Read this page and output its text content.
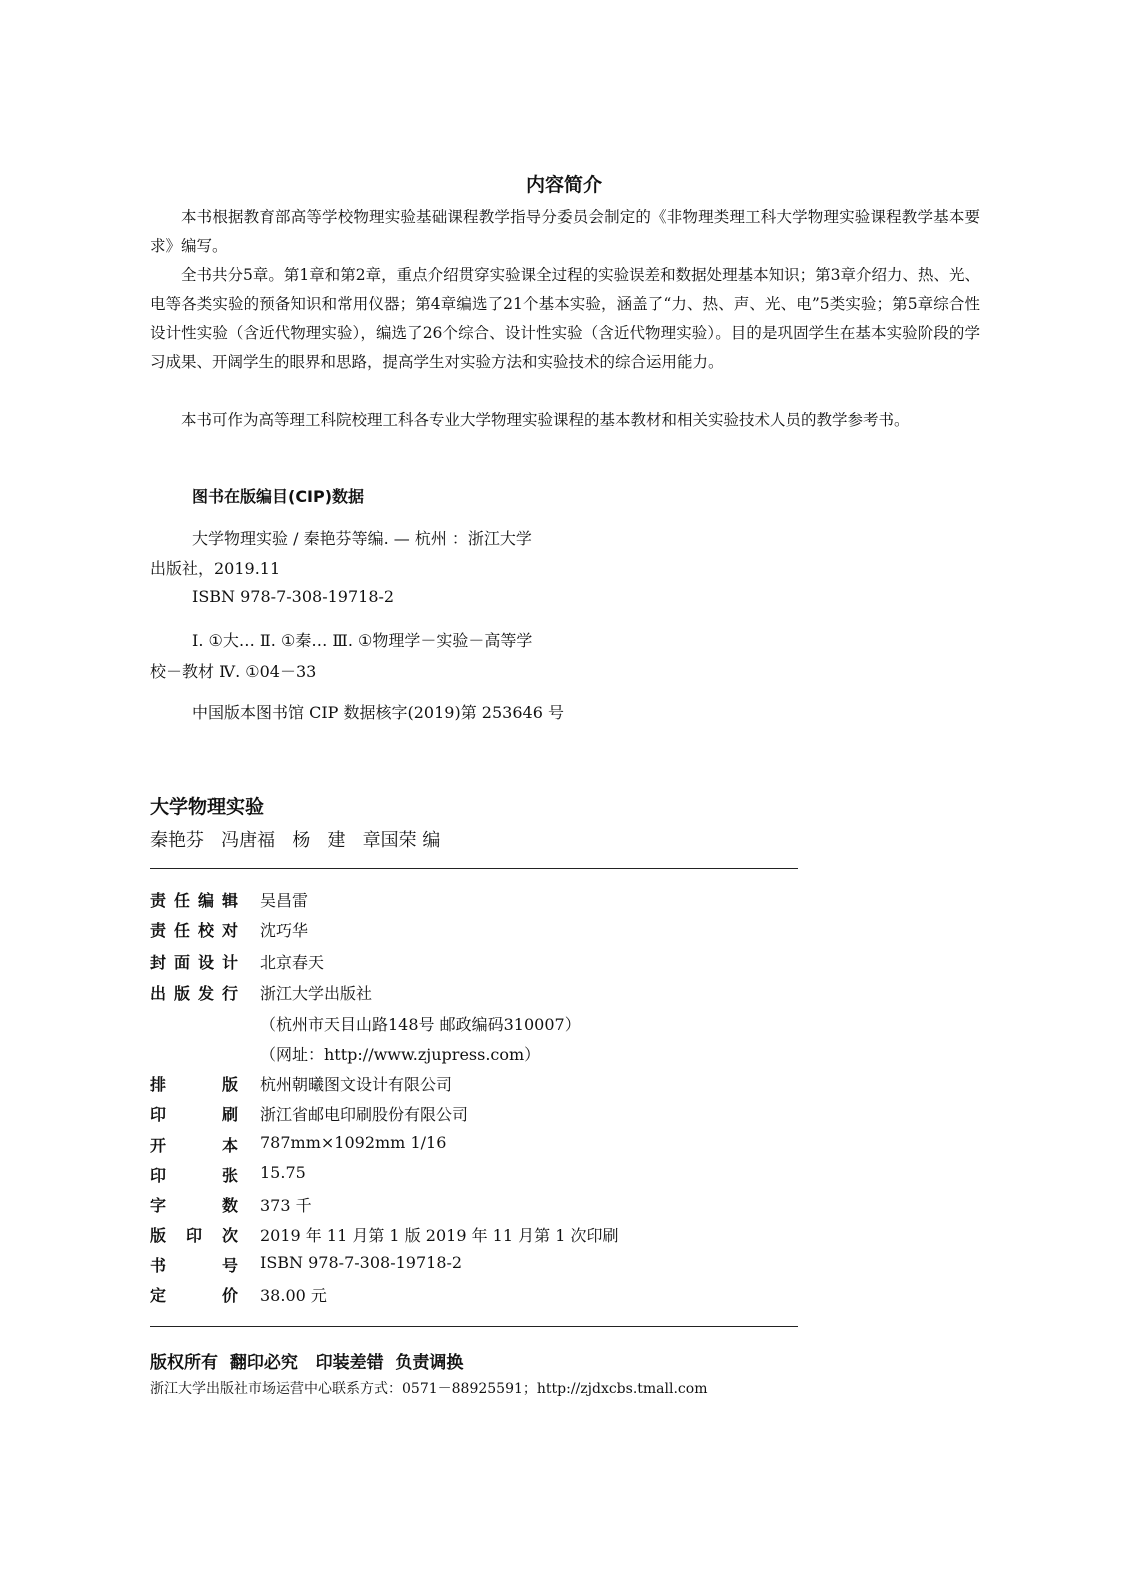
内容简介

本书根据教育部高等学校物理实验基础课程教学指导分委员会制定的《非物理类理工科大学物理实验课程教学基本要求》编写。

全书共分5章。第1章和第2章，重点介绍贯穿实验课全过程的实验误差和数据处理基本知识；第3章介绍力、热、光、电等各类实验的预备知识和常用仪器；第4章编选了21个基本实验，涵盖了“力、热、声、光、电”5类实验；第5章综合性设计性实验（含近代物理实验），编选了26个综合、设计性实验（含近代物理实验）。目的是巩固学生在基本实验阶段的学习成果、开阔学生的眼界和思路，提高学生对实验方法和实验技术的综合运用能力。

本书可作为高等理工科院校理工科各专业大学物理实验课程的基本教材和相关实验技术人员的教学参考书。

图书在版编目(CIP)数据
大学物理实验 / 秦艳芬等编. — 杭州 ：浙江大学
出版社，2019.11
ISBN 978-7-308-19718-2
Ⅰ. ①大… Ⅱ. ①秦… Ⅲ. ①物理学－实验－高等学
校－教材 Ⅳ. ①04－33
中国版本图书馆 CIP 数据核字(2019)第 253646 号
大学物理实验
秦艳芬   冯唐福   杨   建   章国荣 编
责 任 编 辑 吴昌雷
责 任 校 对 沈巧华
封 面 设 计 北京春天
出 版 发 行 浙江大学出版社
（杭州市天目山路148号 邮政编码310007）
（网址：http://www.zjupress.com）
排	版 杭州朝曦图文设计有限公司
印	刷 浙江省邮电印刷股份有限公司
开	本 787mm×1092mm 1/16
印	张 15.75
字	数 373 千
版 印 次 2019 年 11 月第 1 版 2019 年 11 月第 1 次印刷
书	号 ISBN 978-7-308-19718-2
定	价 38.00 元
版权所有  翻印必究   印装差错  负责调换
浙江大学出版社市场运营中心联系方式：0571－88925591；http://zjdxcbs.tmall.com
